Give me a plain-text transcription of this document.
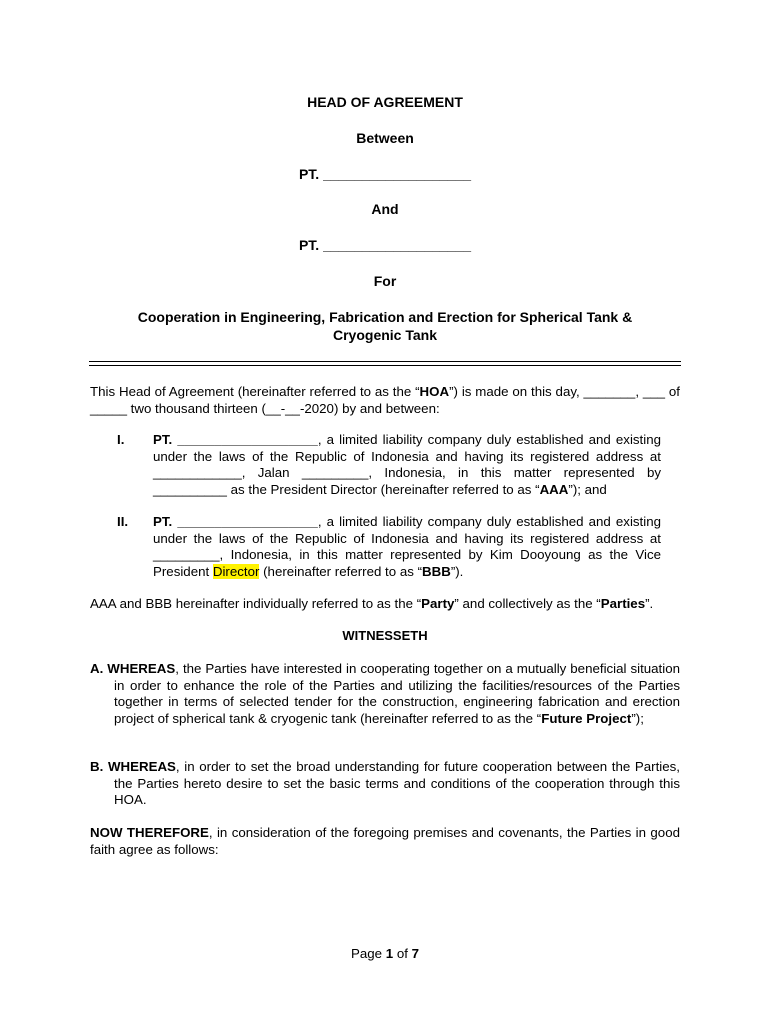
HEAD OF AGREEMENT
Between
PT. ___________________
And
PT. ___________________
For
Cooperation in Engineering, Fabrication and Erection for Spherical Tank &
Cryogenic Tank
This Head of Agreement (hereinafter referred to as the “HOA”) is made on this day, _______, ___ of _____ two thousand thirteen (__-__-2020) by and between:
I. PT. ___________________, a limited liability company duly established and existing under the laws of the Republic of Indonesia and having its registered address at ____________, Jalan _________, Indonesia, in this matter represented by __________ as the President Director (hereinafter referred to as “AAA”); and
II. PT. ___________________, a limited liability company duly established and existing under the laws of the Republic of Indonesia and having its registered address at _________, Indonesia, in this matter represented by Kim Dooyoung as the Vice President Director (hereinafter referred to as “BBB”).
AAA and BBB hereinafter individually referred to as the “Party” and collectively as the “Parties”.
WITNESSETH
A. WHEREAS, the Parties have interested in cooperating together on a mutually beneficial situation in order to enhance the role of the Parties and utilizing the facilities/resources of the Parties together in terms of selected tender for the construction, engineering fabrication and erection project of spherical tank & cryogenic tank (hereinafter referred to as the “Future Project”);
B. WHEREAS, in order to set the broad understanding for future cooperation between the Parties, the Parties hereto desire to set the basic terms and conditions of the cooperation through this HOA.
NOW THEREFORE, in consideration of the foregoing premises and covenants, the Parties in good faith agree as follows:
Page 1 of 7
